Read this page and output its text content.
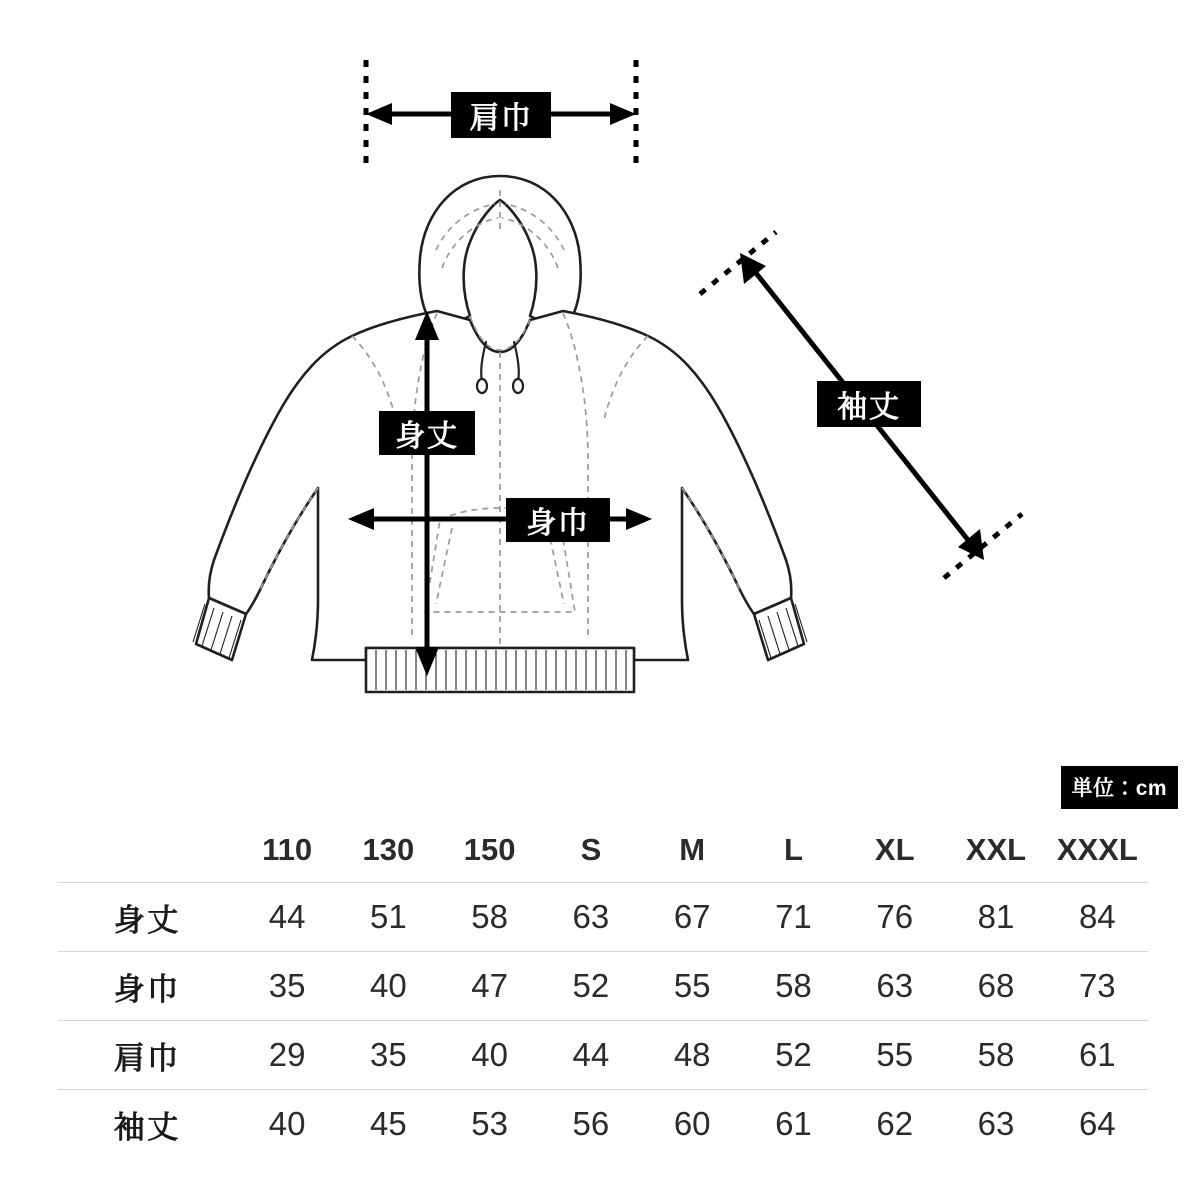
肩巾
身丈
身巾
袖丈
単位：cm
	110	130	150	S	M	L	XL	XXL	XXXL
身丈	44	51	58	63	67	71	76	81	84
身巾	35	40	47	52	55	58	63	68	73
肩巾	29	35	40	44	48	52	55	58	61
袖丈	40	45	53	56	60	61	62	63	64
